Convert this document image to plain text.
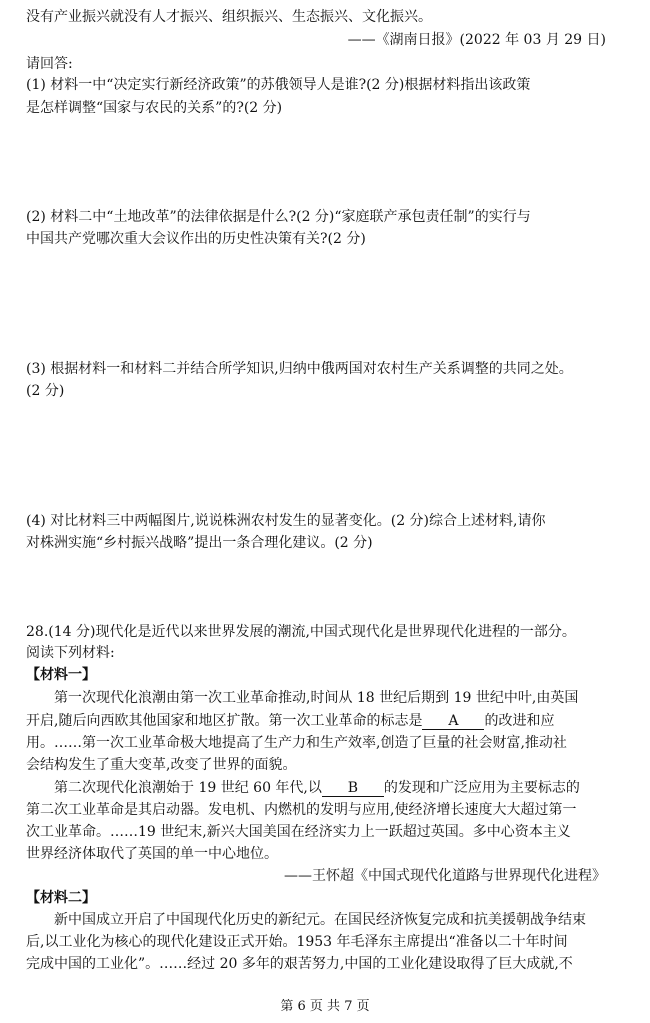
没有产业振兴就没有人才振兴、组织振兴、生态振兴、文化振兴。
——《湖南日报》(2022 年 03 月 29 日)
请回答:
(1) 材料一中“决定实行新经济政策”的苏俄领导人是谁?(2 分)根据材料指出该政策
是怎样调整“国家与农民的关系”的?(2 分)
(2) 材料二中“土地改革”的法律依据是什么?(2 分)“家庭联产承包责任制”的实行与
中国共产党哪次重大会议作出的历史性决策有关?(2 分)
(3) 根据材料一和材料二并结合所学知识,归纳中俄两国对农村生产关系调整的共同之处。
(2 分)
(4) 对比材料三中两幅图片,说说株洲农村发生的显著变化。(2 分)综合上述材料,请你
对株洲实施“乡村振兴战略”提出一条合理化建议。(2 分)
28.(14 分)现代化是近代以来世界发展的潮流,中国式现代化是世界现代化进程的一部分。
阅读下列材料:
【材料一】
第一次现代化浪潮由第一次工业革命推动,时间从 18 世纪后期到 19 世纪中叶,由英国
开启,随后向西欧其他国家和地区扩散。第一次工业革命的标志是 A 的改进和应
用。……第一次工业革命极大地提高了生产力和生产效率,创造了巨量的社会财富,推动社
会结构发生了重大变革,改变了世界的面貌。
第二次现代化浪潮始于 19 世纪 60 年代,以 B 的发现和广泛应用为主要标志的
第二次工业革命是其启动器。发电机、内燃机的发明与应用,使经济增长速度大大超过第一
次工业革命。……19 世纪末,新兴大国美国在经济实力上一跃超过英国。多中心资本主义
世界经济体取代了英国的单一中心地位。
——王怀超《中国式现代化道路与世界现代化进程》
【材料二】
新中国成立开启了中国现代化历史的新纪元。在国民经济恢复完成和抗美援朝战争结束
后,以工业化为核心的现代化建设正式开始。1953 年毛泽东主席提出“准备以二十年时间
完成中国的工业化”。……经过 20 多年的艰苦努力,中国的工业化建设取得了巨大成就,不
第 6 页 共 7 页
